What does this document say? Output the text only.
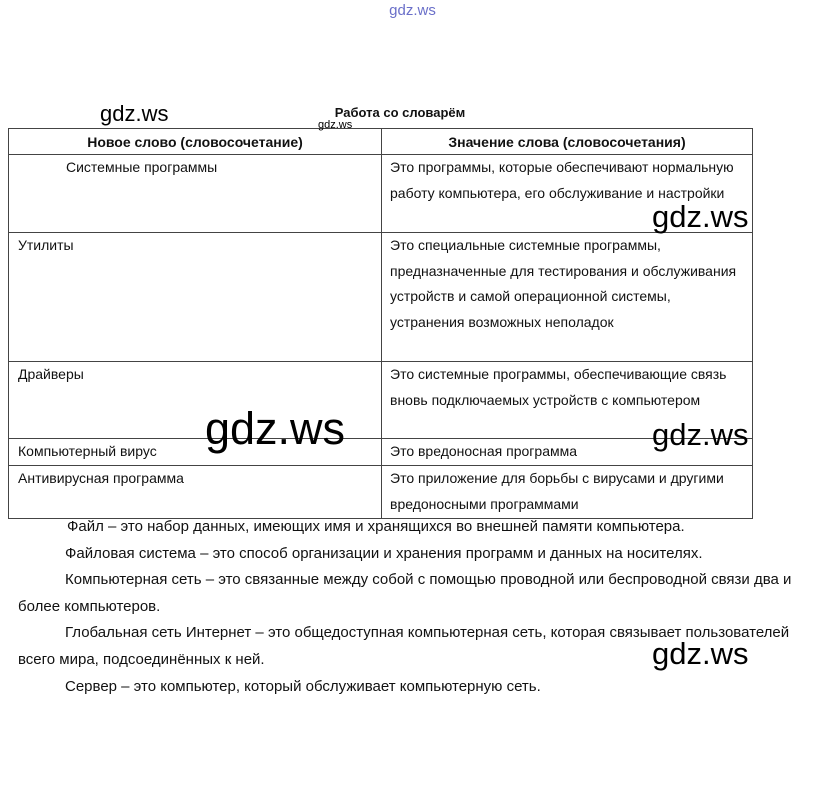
gdz.ws
Работа со словарём
Новое слово (словосочетание)	Значение слова (словосочетания)
Системные программы	Это программы, которые обеспечивают нормальную работу компьютера, его обслуживание и настройки
Утилиты	Это специальные системные программы, предназначенные для тестирования и обслуживания устройств и самой операционной системы, устранения возможных неполадок
Драйверы	Это системные программы, обеспечивающие связь вновь подключаемых устройств с компьютером
Компьютерный вирус	Это вредоносная программа
Антивирусная программа	Это приложение для борьбы с вирусами и другими вредоносными программами

Файл – это набор данных, имеющих имя и хранящихся во внешней памяти компьютера.

Файловая система – это способ организации и хранения программ и данных на носителях.

Компьютерная сеть – это связанные между собой с помощью проводной или беспроводной связи два и более компьютеров.

Глобальная сеть Интернет – это общедоступная компьютерная сеть, которая связывает пользователей всего мира, подсоединённых к ней.

Сервер – это компьютер, который обслуживает компьютерную сеть.

gdz.ws	gdz.ws
gdz.ws
gdz.ws	gdz.ws
gdz.ws
